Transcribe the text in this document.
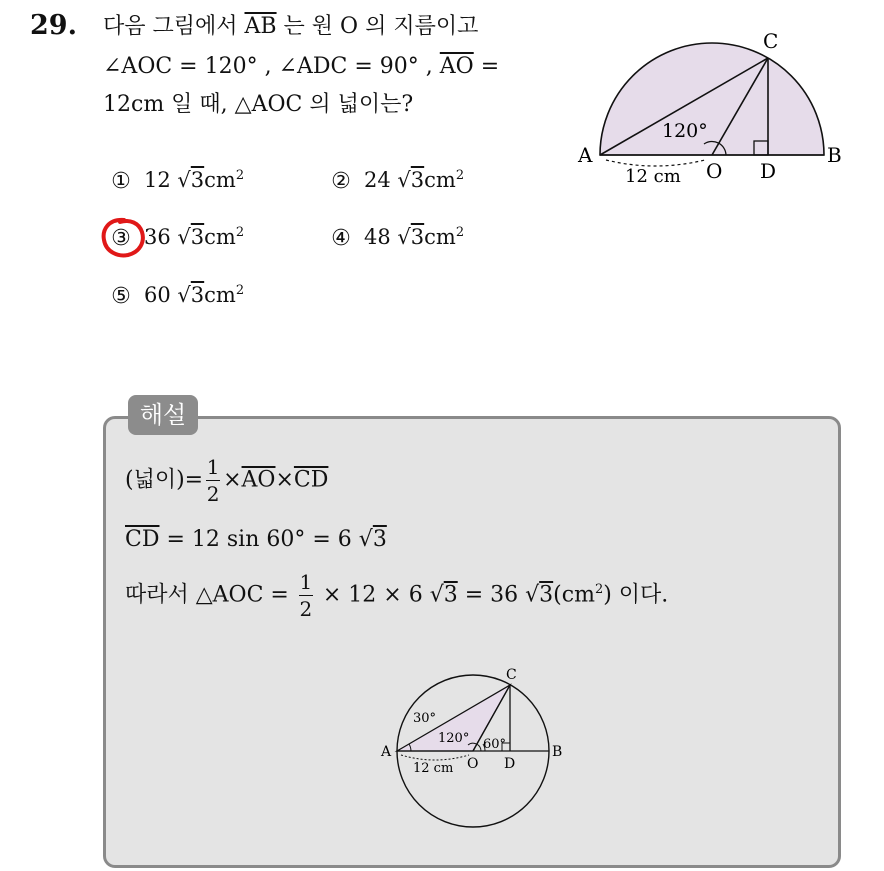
29. 다음 그림에서 $\overline{AB}$ 는 원 O 의 지름이고
∠AOC = 120° , ∠ADC = 90° , $\overline{AO}$ =
12cm 일 때, △AOC 의 넓이는?
① 12 $√3cm^2$	② 24 $√3cm^2$
③ 36 $√3cm^2$	④ 48 $√3cm^2$
⑤ 60 $√3cm^2$
A	B
C
D
O
120°
12 cm
해설
(넓이)= $\frac{1}{2} \times\overline{AO}\times\overline{CD}$
$\overline{CD} = 12$ sin 60° = 6 √3
따라서 △AOC = $\frac{1}{2} \times 12 \times 6$ √3 = 36 $√3(cm^2)$ 이다.
A	B
C
D
O
30°
120° 60°
12 cm
